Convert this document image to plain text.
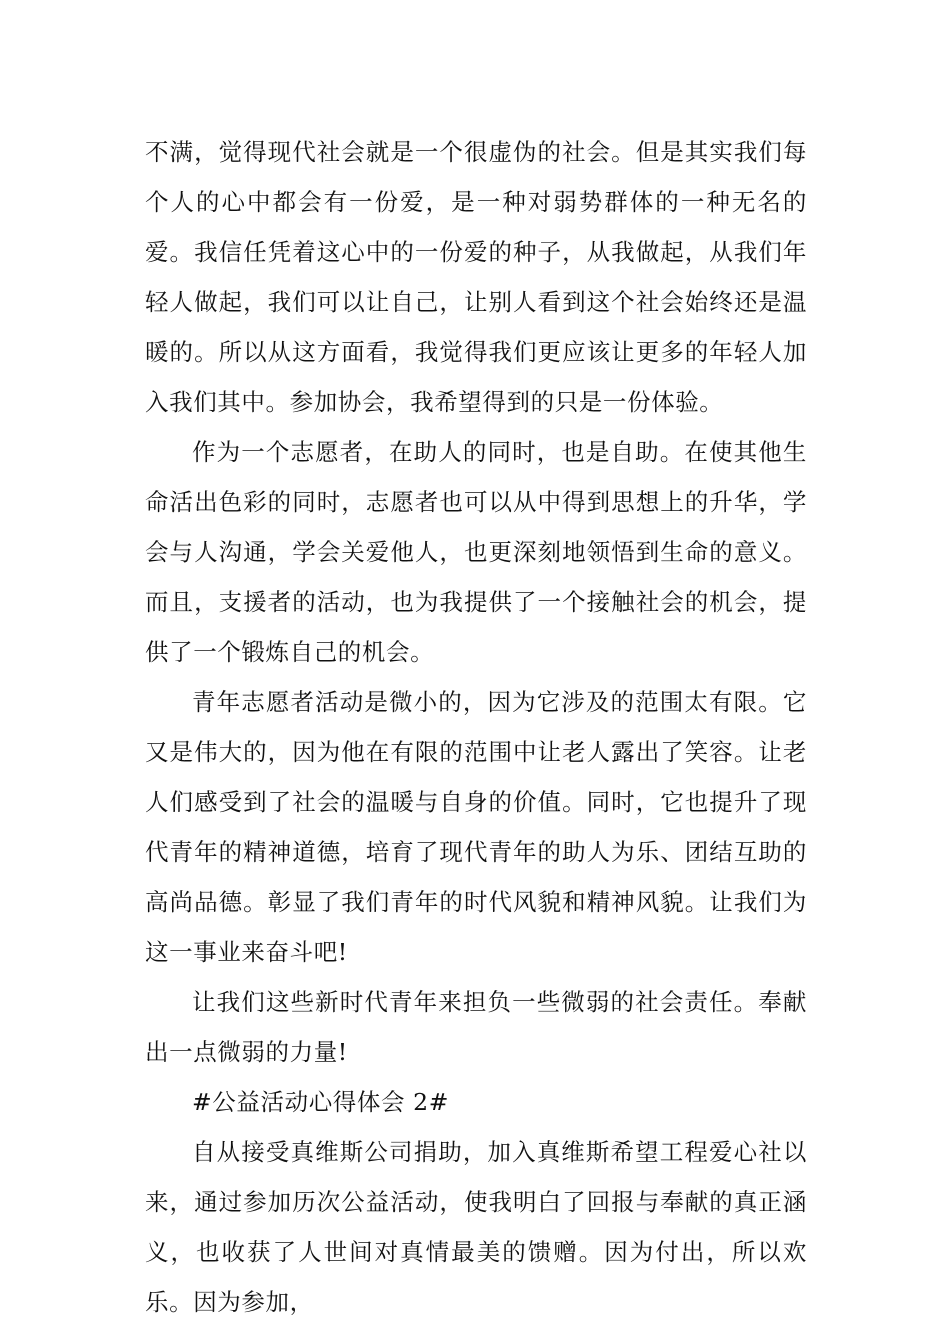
不满，觉得现代社会就是一个很虚伪的社会。但是其实我们每个人的心中都会有一份爱，是一种对弱势群体的一种无名的爱。我信任凭着这心中的一份爱的种子，从我做起，从我们年轻人做起，我们可以让自己，让别人看到这个社会始终还是温暖的。所以从这方面看，我觉得我们更应该让更多的年轻人加入我们其中。参加协会，我希望得到的只是一份体验。

作为一个志愿者，在助人的同时，也是自助。在使其他生命活出色彩的同时，志愿者也可以从中得到思想上的升华，学会与人沟通，学会关爱他人，也更深刻地领悟到生命的意义。而且，支援者的活动，也为我提供了一个接触社会的机会，提供了一个锻炼自己的机会。

青年志愿者活动是微小的，因为它涉及的范围太有限。它又是伟大的，因为他在有限的范围中让老人露出了笑容。让老人们感受到了社会的温暖与自身的价值。同时，它也提升了现代青年的精神道德，培育了现代青年的助人为乐、团结互助的高尚品德。彰显了我们青年的时代风貌和精神风貌。让我们为这一事业来奋斗吧!

让我们这些新时代青年来担负一些微弱的社会责任。奉献出一点微弱的力量!

#公益活动心得体会 2#

自从接受真维斯公司捐助，加入真维斯希望工程爱心社以来，通过参加历次公益活动，使我明白了回报与奉献的真正涵义，也收获了人世间对真情最美的馈赠。因为付出，所以欢乐。因为参加，
